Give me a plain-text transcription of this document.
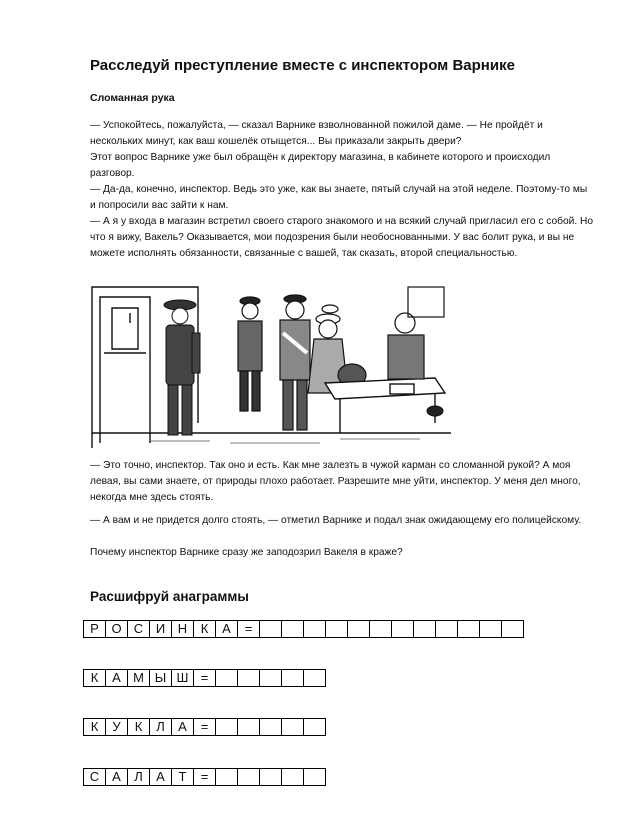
Расследуй преступление вместе с инспектором Варнике
Сломанная рука

— Успокойтесь, пожалуйста, — сказал Варнике взволнованной пожилой даме. — Не пройдёт и нескольких минут, как ваш кошелёк отыщется... Вы приказали закрыть двери?

Этот вопрос Варнике уже был обращён к директору магазина, в кабинете которого и происходил разговор.

— Да-да, конечно, инспектор. Ведь это уже, как вы знаете, пятый случай на этой неделе. Поэтому-то мы и попросили вас зайти к нам.

— А я у входа в магазин встретил своего старого знакомого и на всякий случай пригласил его с собой. Но что я вижу, Вакель? Оказывается, мои подозрения были необоснованными. У вас болит рука, и вы не можете исполнять обязанности, связанные с вашей, так сказать, второй специальностью.

— Это точно, инспектор. Так оно и есть. Как мне залезть в чужой карман со сломанной рукой? А моя левая, вы сами знаете, от природы плохо работает. Разрешите мне уйти, инспектор. У меня дел много, некогда мне здесь стоять.

— А вам и не придется долго стоять, — отметил Варнике и подал знак ожидающему его полицейскому.

Почему инспектор Варнике сразу же заподозрил Вакеля в краже?

Расшифруй анаграммы
Р	О	С	И	Н	К	А	=												
К	А	М	Ы	Ш	=					
К	У	К	Л	А	=					
С	А	Л	А	Т	=					
